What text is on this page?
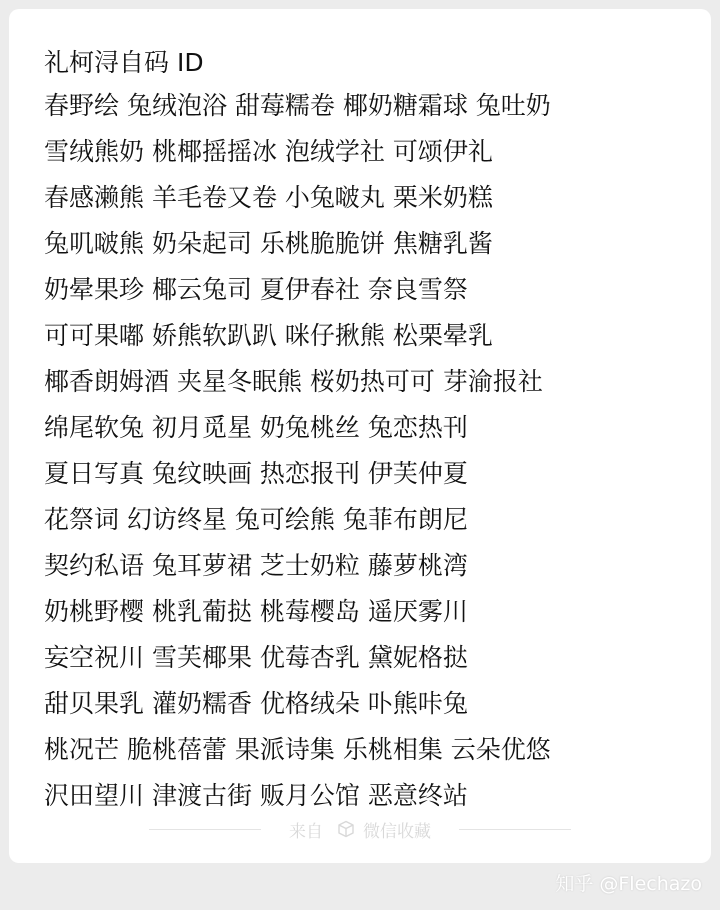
礼柯浔自码 ID
春野绘 兔绒泡浴 甜莓糯卷 椰奶糖霜球 兔吐奶
雪绒熊奶 桃椰摇摇冰 泡绒学社 可颂伊礼
春感濑熊 羊毛卷又卷 小兔啵丸 栗米奶糕
兔叽啵熊 奶朵起司 乐桃脆脆饼 焦糖乳酱
奶晕果珍 椰云兔司 夏伊春社 奈良雪祭
可可果嘟 娇熊软趴趴 咪仔揪熊 松栗晕乳
椰香朗姆酒 夹星冬眠熊 桜奶热可可 芽渝报社
绵尾软兔 初月觅星 奶兔桃丝 兔恋热刊
夏日写真 兔纹映画 热恋报刊 伊芙仲夏
花祭词 幻访终星 兔可绘熊 兔菲布朗尼
契约私语 兔耳萝裙 芝士奶粒 藤萝桃湾
奶桃野樱 桃乳葡挞 桃莓樱岛 遥厌雾川
妄空祝川 雪芙椰果 优莓杏乳 黛妮格挞
甜贝果乳 灌奶糯香 优格绒朵 卟熊咔兔
桃况芒 脆桃蓓蕾 果派诗集 乐桃相集 云朵优悠
沢田望川 津渡古街 贩月公馆 恶意终站
来自 微信收藏
知乎 @Flechazo
